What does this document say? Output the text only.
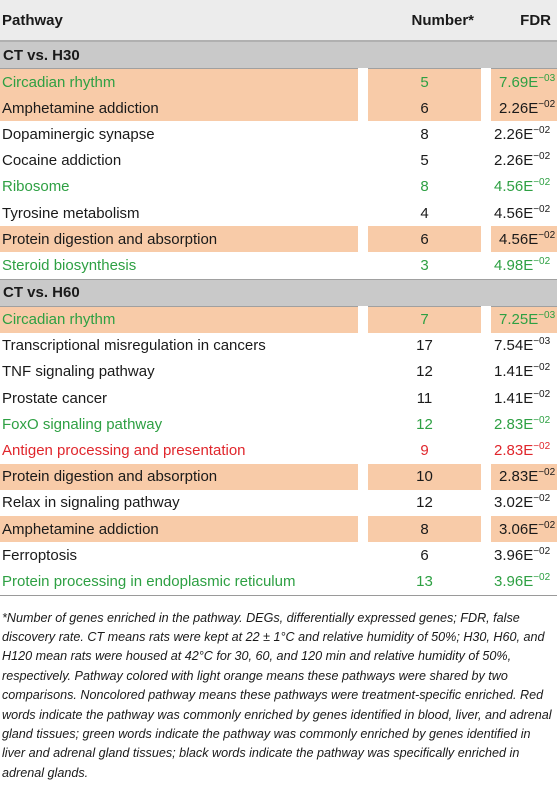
Pathway	Number*	FDR
CT vs. H30		
Circadian rhythm	5	$7.69E^{-03}$
Amphetamine addiction	6	$2.26E^{-02}$
Dopaminergic synapse	8	$2.26E^{-02}$
Cocaine addiction	5	$2.26E^{-02}$
Ribosome	8	$4.56E^{-02}$
Tyrosine metabolism	4	$4.56E^{-02}$
Protein digestion and absorption	6	$4.56E^{-02}$
Steroid biosynthesis	3	$4.98E^{-02}$
CT vs. H60		
Circadian rhythm	7	$7.25E^{-03}$
Transcriptional misregulation in cancers	17	$7.54E^{-03}$
TNF signaling pathway	12	$1.41E^{-02}$
Prostate cancer	11	$1.41E^{-02}$
FoxO signaling pathway	12	$2.83E^{-02}$
Antigen processing and presentation	9	$2.83E^{-02}$
Protein digestion and absorption	10	$2.83E^{-02}$
Relax in signaling pathway	12	$3.02E^{-02}$
Amphetamine addiction	8	$3.06E^{-02}$
Ferroptosis	6	$3.96E^{-02}$
Protein processing in endoplasmic reticulum	13	$3.96E^{-02}$
*Number of genes enriched in the pathway. DEGs, differentially expressed genes; FDR, false discovery rate. CT means rats were kept at 22 ± 1°C and relative humidity of 50%; H30, H60, and H120 mean rats were housed at 42°C for 30, 60, and 120 min and relative humidity of 50%, respectively. Pathway colored with light orange means these pathways were shared by two comparisons. Noncolored pathway means these pathways were treatment-specific enriched. Red words indicate the pathway was commonly enriched by genes identified in blood, liver, and adrenal gland tissues; green words indicate the pathway was commonly enriched by genes identified in liver and adrenal gland tissues; black words indicate the pathway was specifically enriched in adrenal glands.
